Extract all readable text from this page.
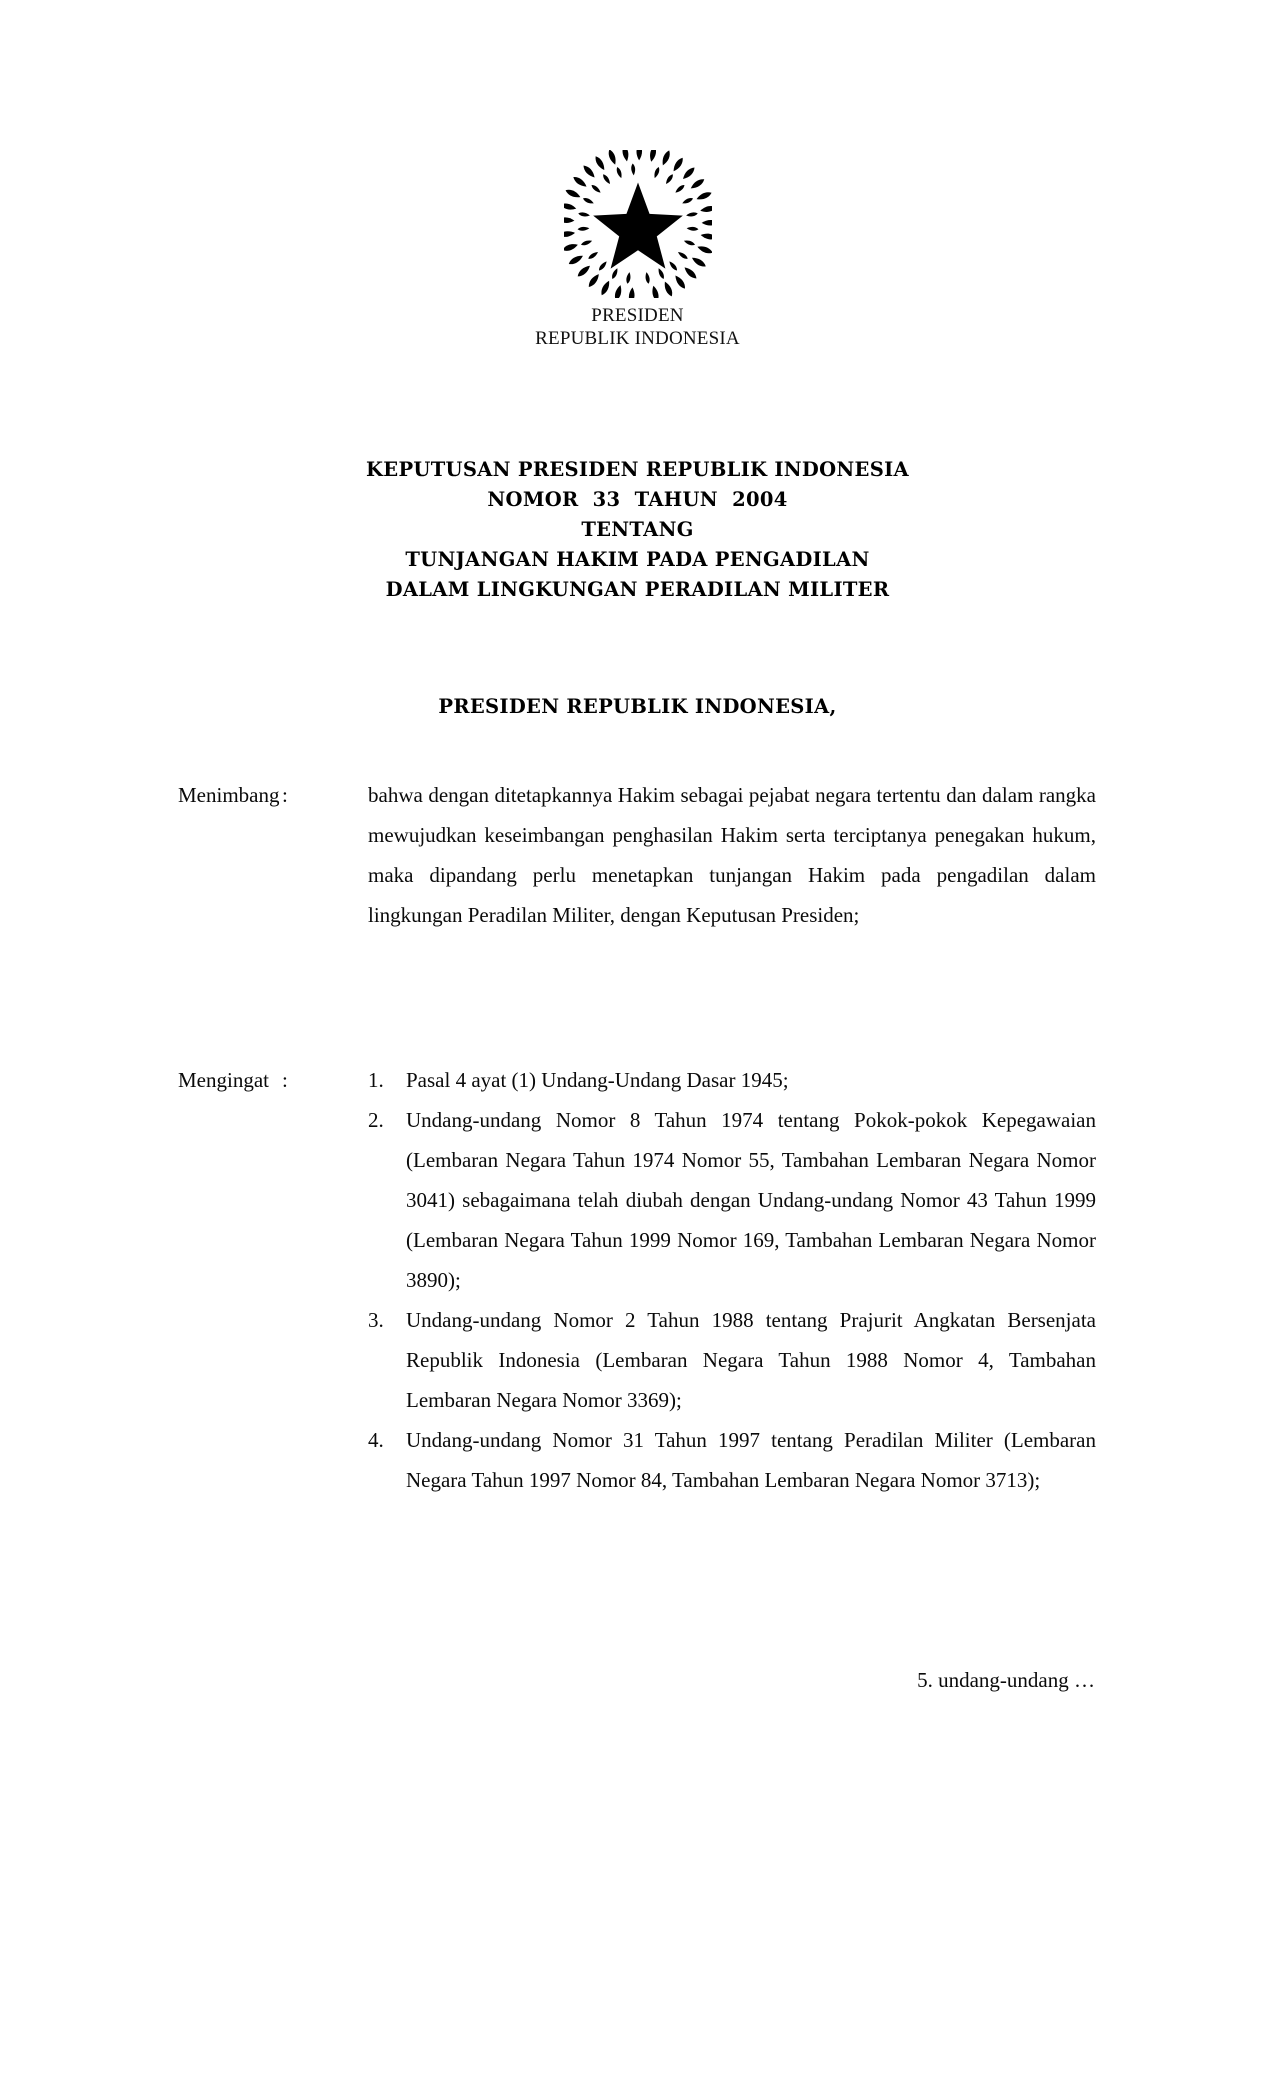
PRESIDEN
REPUBLIK INDONESIA
KEPUTUSAN PRESIDEN REPUBLIK INDONESIA
NOMOR  33  TAHUN  2004
TENTANG
TUNJANGAN HAKIM PADA PENGADILAN
DALAM LINGKUNGAN PERADILAN MILITER
PRESIDEN REPUBLIK INDONESIA,
Menimbang :	bahwa dengan ditetapkannya Hakim sebagai pejabat negara tertentu dan dalam rangka mewujudkan keseimbangan penghasilan Hakim serta terciptanya penegakan hukum, maka dipandang perlu menetapkan tunjangan Hakim pada pengadilan dalam lingkungan Peradilan Militer, dengan Keputusan Presiden;

Mengingat :	1.	Pasal 4 ayat (1) Undang-Undang Dasar 1945;
2.	Undang-undang Nomor 8 Tahun 1974 tentang Pokok-pokok Kepegawaian (Lembaran Negara Tahun 1974 Nomor 55, Tambahan Lembaran Negara Nomor 3041) sebagaimana telah diubah dengan Undang-undang Nomor 43 Tahun 1999 (Lembaran Negara Tahun 1999 Nomor 169, Tambahan Lembaran Negara Nomor 3890);
3.	Undang-undang Nomor 2 Tahun 1988 tentang Prajurit Angkatan Bersenjata Republik Indonesia (Lembaran Negara Tahun 1988 Nomor 4, Tambahan Lembaran Negara Nomor 3369);
4.	Undang-undang Nomor 31 Tahun 1997 tentang Peradilan Militer (Lembaran Negara Tahun 1997 Nomor 84, Tambahan Lembaran Negara Nomor 3713);
5. undang-undang …
